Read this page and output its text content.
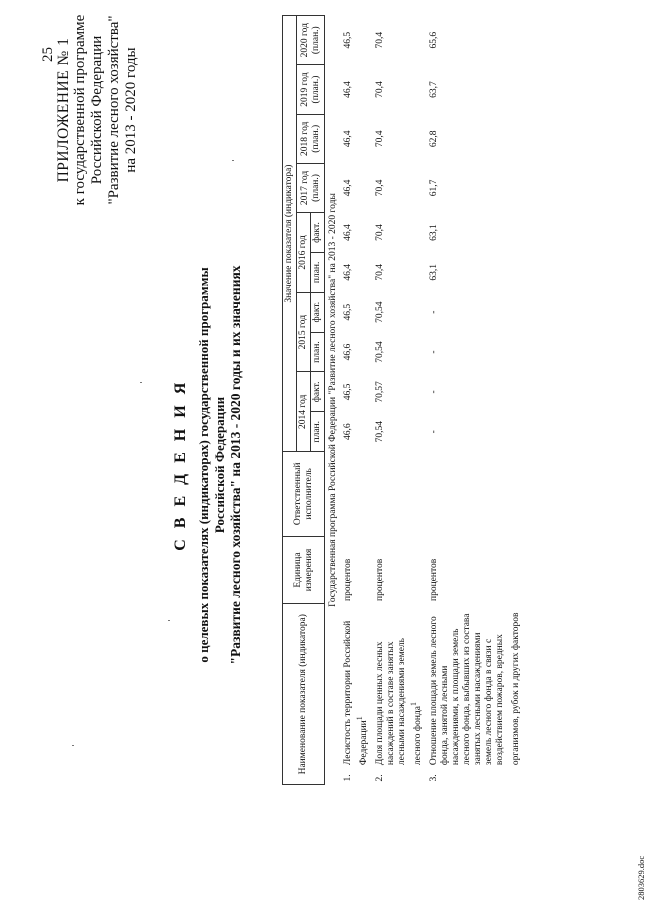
25 ПРИЛОЖЕНИЕ № 1 к государственной программе Российской Федерации "Развитие лесного хозяйства" на 2013 - 2020 годы
С В Е Д Е Н И Я о целевых показателях (индикаторах) государственной программы Российской Федерации "Развитие лесного хозяйства" на 2013 - 2020 годы и их значениях
Наименование показателя (индикатора)		Единица измерения	Ответственный исполнитель	Значение показателя (индикатора)									
				2014 год		2015 год		2016 год		2017 год (план.)	2018 год (план.)	2019 год (план.)	2020 год (план.)
				план.	факт.	план.	факт.	план.	факт.				
Государственная программа Российской Федерации "Развитие лесного хозяйства" на 2013 - 2020 годы													
1.	Лесистость территории Российской Федерации$^1$	процентов		46,6	46,5	46,6	46,5	46,4	46,4	46,4	46,4	46,4	46,5
2.	Доля площади ценных лесных насаждений в составе занятых лесными насаждениями земель лесного фонда$^1$	процентов		70,54	70,57	70,54	70,54	70,4	70,4	70,4	70,4	70,4	70,4
3.	Отношение площади земель лесного фонда, занятой лесными насаждениями, к площади земель лесного фонда, выбывших из состава занятых лесными насаждениями земель лесного фонда в связи с воздействием пожаров, вредных организмов, рубок и других факторов	процентов		-	-	-	-	63,1	63,1	61,7	62,8	63,7	65,6
2803629.doc
